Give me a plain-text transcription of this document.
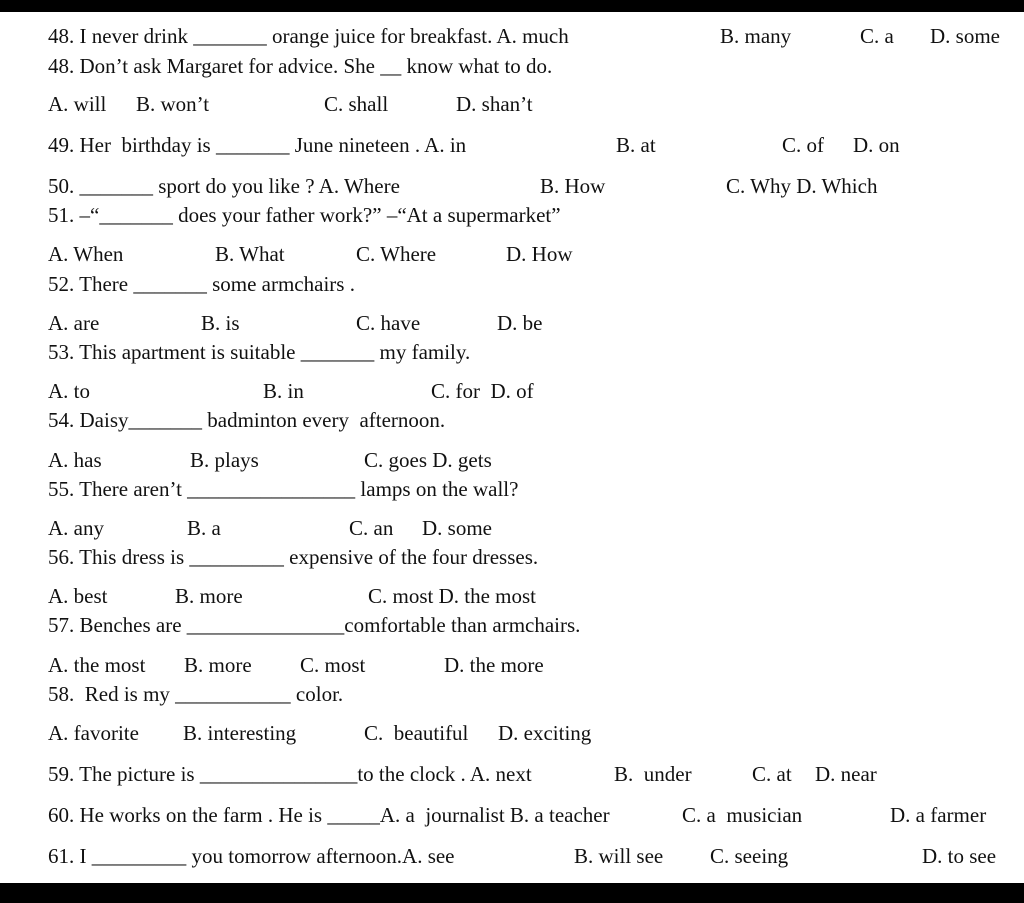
48. I never drink _______ orange juice for breakfast. A. much	B. many	C. a D. some
48. Don’t ask Margaret for advice. She __ know what to do.
A. will B. won’t	C. shall	D. shan’t
49. Her  birthday is _______ June nineteen . A. in	B. at	C. of D. on
50. _______ sport do you like ? A. Where	B. How	C. Why D. Which
51. –“_______ does your father work?” –“At a supermarket”
A. When	B. What	C. Where	D. How
52. There _______ some armchairs .
A. are	B. is	C. have	D. be
53. This apartment is suitable _______ my family.
A. to	B. in	C. for  D. of
54. Daisy_______ badminton every  afternoon.
A. has	B. plays	C. goes D. gets
55. There aren’t ________________ lamps on the wall?
A. any	B. a	C. an D. some
56. This dress is _________ expensive of the four dresses.
A. best	B. more	C. most D. the most
57. Benches are _______________comfortable than armchairs.
A. the most B. more C. most	D. the more
58.  Red is my ___________ color.
A. favorite B. interesting	C.  beautiful D. exciting
59. The picture is _______________to the clock . A. next	B.  under	C. at D. near
60. He works on the farm . He is _____A. a  journalist B. a teacher	C. a  musician	D. a farmer
61. I _________ you tomorrow afternoon.A. see	B. will see C. seeing	D. to see
